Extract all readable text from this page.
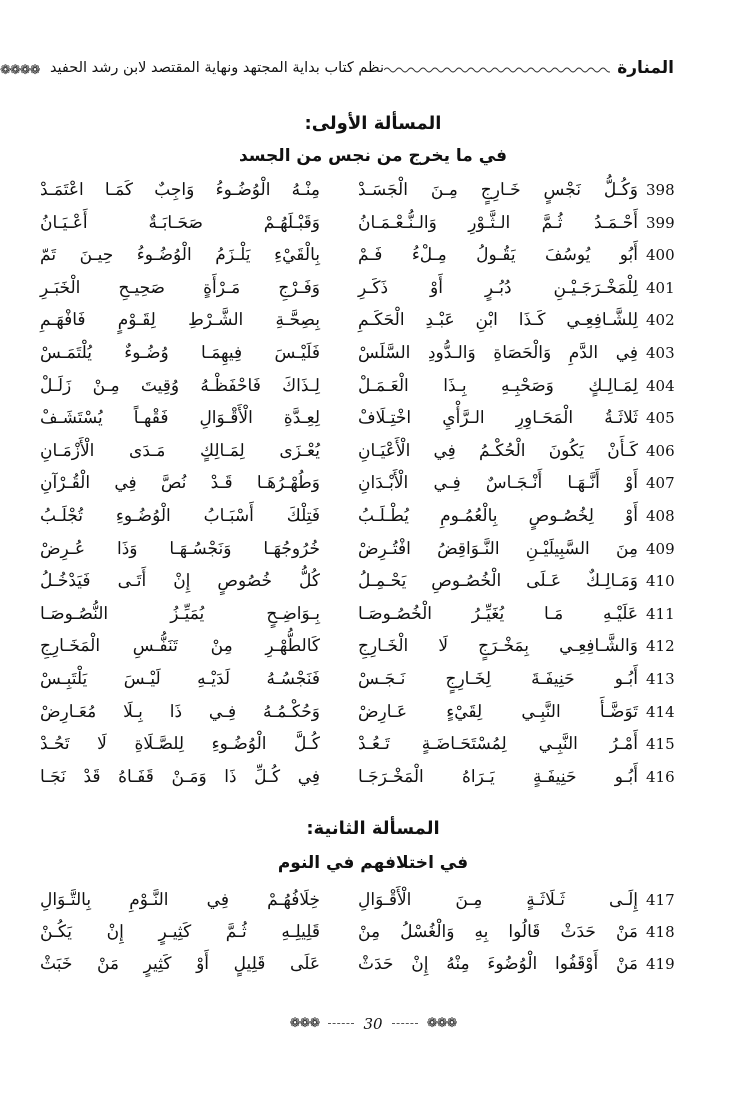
المنارة
نظم كتاب بداية المجتهد ونهاية المقتصد لابن رشد الحفيد
❁❁❁❁
المسألة الأولى:
في ما يخرج من نجس من الجسد
398
وَكُـلُّ نَجْسٍ خَـارِجٍ مِـنَ الْجَسَـدْ
مِنْـهُ الْوُضُـوءُ وَاجِبٌ كَمَـا اعْتَمَـدْ
399
أَحْـمَـدُ ثُـمَّ الـثَّـوْرِ وَالـنُّـعْـمَـانُ
وَقَبْـلَهُـمْ صَحَـابَـةٌ أَعْـيَـانُ
400
أَبُو يُوسُفَ يَقُـولُ مِـلْءُ فَـمْ
بِالْقَيْءِ يَلْـزَمُ الْوُضُـوءُ حِيـنَ تَمّ
401
لِلْمَخْـرَجَـيْـنِ دُبُـرٍ أَوْ ذَكَـرِ
وَفَـرْجِ مَـرْأَةٍ صَحِيـحِ الْخَبَـرِ
402
لِلشَّـافِعِـي كَـذَا ابْنِ عَبْـدِ الْحَكَـمِ
بِصِحَّـةِ الشَّـرْطِ لِقَـوْمٍ فَافْهَـمِ
403
فِي الدَّمِ وَالْحَصَاةِ وَالـدُّودِ السَّلَسْ
فَلَيْـسَ فِيهِمَـا وُضُـوءٌ يُلْتَمَـسْ
404
لِمَـالِـكٍ وَصَحْبِـهِ بِـذَا الْعَـمَـلْ
لِـذَاكَ فَاحْفَظْـهُ وُقِيتَ مِـنْ زَلَـلْ
405
ثَلاثَـةُ الْمَحَـاوِرِ الـرَّأْيِ اخْتِـلَافْ
لِعِـدَّةِ الْأَقْـوَالِ فَقْهـاً يُسْتَشَـفْ
406
كَـأَنْ يَكُونَ الْحُكْـمُ فِي الْأَعْيَـانِ
يُعْـزَى لِمَـالِكٍ مَـدَى الْأَزْمَـانِ
407
أَوْ أَنَّـهَـا أَنْـجَـاسٌ فِـي الْأَبْـدَانِ
وَطُهْـرُهَـا قَـدْ نُصَّ فِي الْقُـرْآنِ
408
أَوْ لِخُصُـوصٍ بِالْعُمُـومِ يُطْـلَـبُ
فَتِلْكَ أَسْبَـابُ الْوُضُـوءِ تُجْلَـبُ
409
مِنَ السَّبِيلَيْـنِ النَّـوَاقِضُ افْتُـرِضْ
خُرُوجُهَـا وَنَجْسُـهَـا وَذَا عُـرِضْ
410
وَمَـالِـكٌ عَـلَى الْخُصُـوصِ يَحْـمِـلُ
كُلُّ خُصُوصٍ إِنْ أَتَـى فَيَدْخُـلُ
411
عَلَيْـهِ مَـا يُغَيِّـرُ الْخُصُـوصَـا
بِـوَاضِـحٍ يُمَيِّـزُ النُّصُـوصَـا
412
وَالشَّـافِعِـي بِمَخْـرَجٍ لَا الْخَـارِجِ
كَالطُّهْـرِ مِنْ تَنَفُّـسِ الْمَخَـارِجِ
413
أَبُـو حَنِيفَـةَ لِخَـارِجٍ نَـجَـسْ
فَنَجْسُـهُ لَدَيْـهِ لَيْـسَ يَلْتَبِـسْ
414
تَوَضَّـأَ النَّبِـي لِقَيْءٍ عَـارِضْ
وَحُكْـمُـهُ فِـي ذَا بِـلَا مُعَـارِضْ
415
أَمْـرُ النَّبِـي لِمُسْتَحَـاضَـةٍ تَـعُـدْ
كُـلَّ الْوُضُـوءِ لِلصَّـلَاةِ لَا تَحُـدْ
416
أَبُـو حَنِيفَـةٍ يَـرَاهُ الْمَخْـرَجَـا
فِي كُـلِّ ذَا وَمَـنْ قَفَـاهُ قَدْ نَجَـا
المسألة الثانية:
في اختلافهم في النوم
417
إِلَـى ثَـلَاثَـةٍ مِـنَ الْأَقْـوَالِ
خِلَافُهُـمْ فِي النَّـوْمِ بِالتَّـوَالِ
418
مَنْ حَدَثْ قَالُوا بِهِ وَالْغُسْلُ مِنْ
قَلِيلِـهِ ثُـمَّ كَثِيـرٍ إِنْ يَكُـنْ
419
مَنْ أَوْقَفُوا الْوُضُوءَ مِنْهُ إِنْ حَدَثْ
عَلَى قَلِيلٍ أَوْ كَثِيرٍ مَنْ خَبَثْ
❁❁❁	30	❁❁❁
